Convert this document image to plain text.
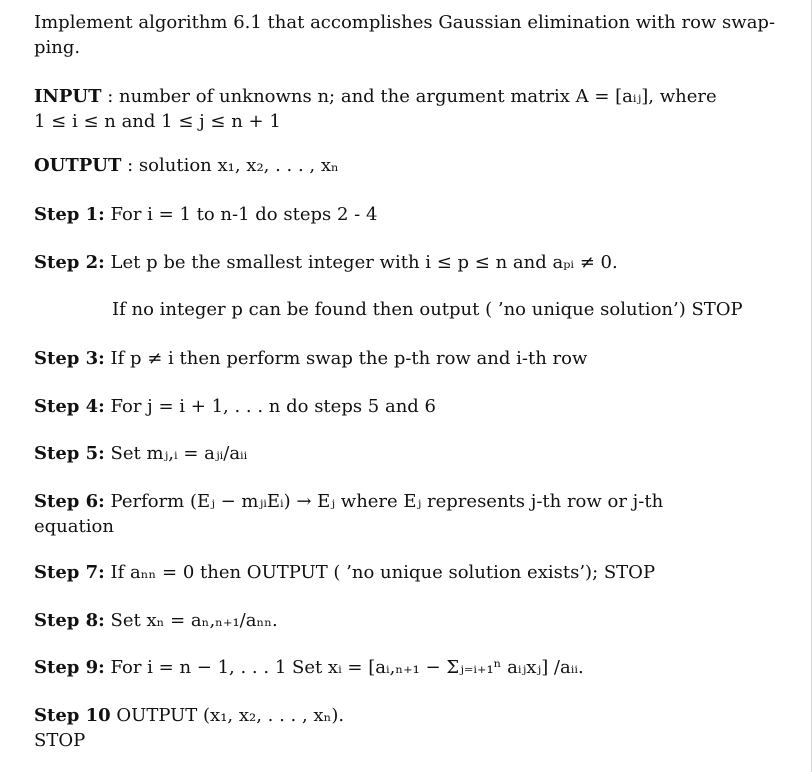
Implement algorithm 6.1 that accomplishes Gaussian elimination with row swap-
ping.
INPUT : number of unknowns n; and the argument matrix A = [aᵢⱼ], where
1 ≤ i ≤ n and 1 ≤ j ≤ n + 1
OUTPUT : solution x₁, x₂, . . . , xₙ
Step 1: For i = 1 to n-1 do steps 2 - 4
Step 2: Let p be the smallest integer with i ≤ p ≤ n and aₚᵢ ≠ 0.
If no integer p can be found then output ( ’no unique solution’) STOP
Step 3: If p ≠ i then perform swap the p-th row and i-th row
Step 4: For j = i + 1, . . . n do steps 5 and 6
Step 5: Set mⱼ,ᵢ = aⱼᵢ/aᵢᵢ
Step 6: Perform (Eⱼ − mⱼᵢEᵢ) → Eⱼ where Eⱼ represents j-th row or j-th
equation
Step 7: If aₙₙ = 0 then OUTPUT ( ’no unique solution exists’); STOP
Step 8: Set xₙ = aₙ,ₙ₊₁/aₙₙ.
Step 9: For i = n − 1, . . . 1 Set xᵢ = [aᵢ,ₙ₊₁ − Σⱼ₌ᵢ₊₁ⁿ aᵢⱼxⱼ] /aᵢᵢ.
Step 10 OUTPUT (x₁, x₂, . . . , xₙ).
STOP
